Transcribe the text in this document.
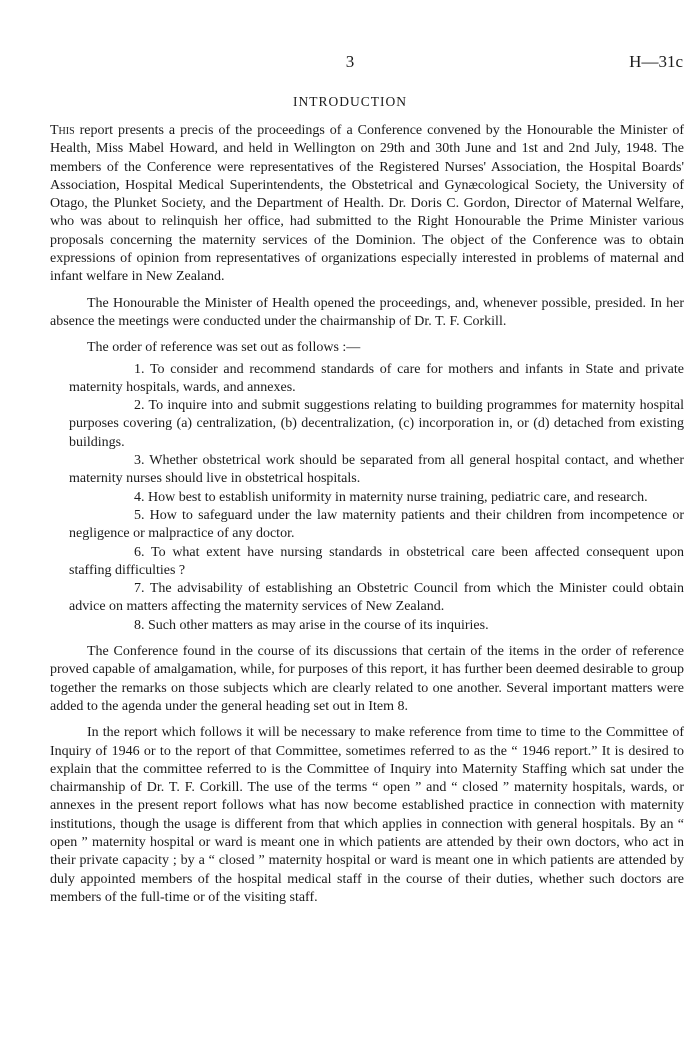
3	H—31c
INTRODUCTION

This report presents a precis of the proceedings of a Conference convened by the Honourable the Minister of Health, Miss Mabel Howard, and held in Wellington on 29th and 30th June and 1st and 2nd July, 1948. The members of the Conference were representatives of the Registered Nurses' Association, the Hospital Boards' Association, Hospital Medical Superintendents, the Obstetrical and Gynæcological Society, the University of Otago, the Plunket Society, and the Department of Health. Dr. Doris C. Gordon, Director of Maternal Welfare, who was about to relinquish her office, had submitted to the Right Honourable the Prime Minister various proposals concerning the maternity services of the Dominion. The object of the Conference was to obtain expressions of opinion from representatives of organizations especially interested in problems of maternal and infant welfare in New Zealand.

The Honourable the Minister of Health opened the proceedings, and, whenever possible, presided. In her absence the meetings were conducted under the chairmanship of Dr. T. F. Corkill.

The order of reference was set out as follows :—

1. To consider and recommend standards of care for mothers and infants in State and private maternity hospitals, wards, and annexes.
2. To inquire into and submit suggestions relating to building programmes for maternity hospital purposes covering (a) centralization, (b) decentralization, (c) incorporation in, or (d) detached from existing buildings.
3. Whether obstetrical work should be separated from all general hospital contact, and whether maternity nurses should live in obstetrical hospitals.
4. How best to establish uniformity in maternity nurse training, pediatric care, and research.
5. How to safeguard under the law maternity patients and their children from incompetence or negligence or malpractice of any doctor.
6. To what extent have nursing standards in obstetrical care been affected consequent upon staffing difficulties ?
7. The advisability of establishing an Obstetric Council from which the Minister could obtain advice on matters affecting the maternity services of New Zealand.
8. Such other matters as may arise in the course of its inquiries.

The Conference found in the course of its discussions that certain of the items in the order of reference proved capable of amalgamation, while, for purposes of this report, it has further been deemed desirable to group together the remarks on those subjects which are clearly related to one another. Several important matters were added to the agenda under the general heading set out in Item 8.

In the report which follows it will be necessary to make reference from time to time to the Committee of Inquiry of 1946 or to the report of that Committee, sometimes referred to as the “ 1946 report.” It is desired to explain that the committee referred to is the Committee of Inquiry into Maternity Staffing which sat under the chairmanship of Dr. T. F. Corkill. The use of the terms “ open ” and “ closed ” maternity hospitals, wards, or annexes in the present report follows what has now become established practice in connection with maternity institutions, though the usage is different from that which applies in connection with general hospitals. By an “ open ” maternity hospital or ward is meant one in which patients are attended by their own doctors, who act in their private capacity ; by a “ closed ” maternity hospital or ward is meant one in which patients are attended by duly appointed members of the hospital medical staff in the course of their duties, whether such doctors are members of the full-time or of the visiting staff.
